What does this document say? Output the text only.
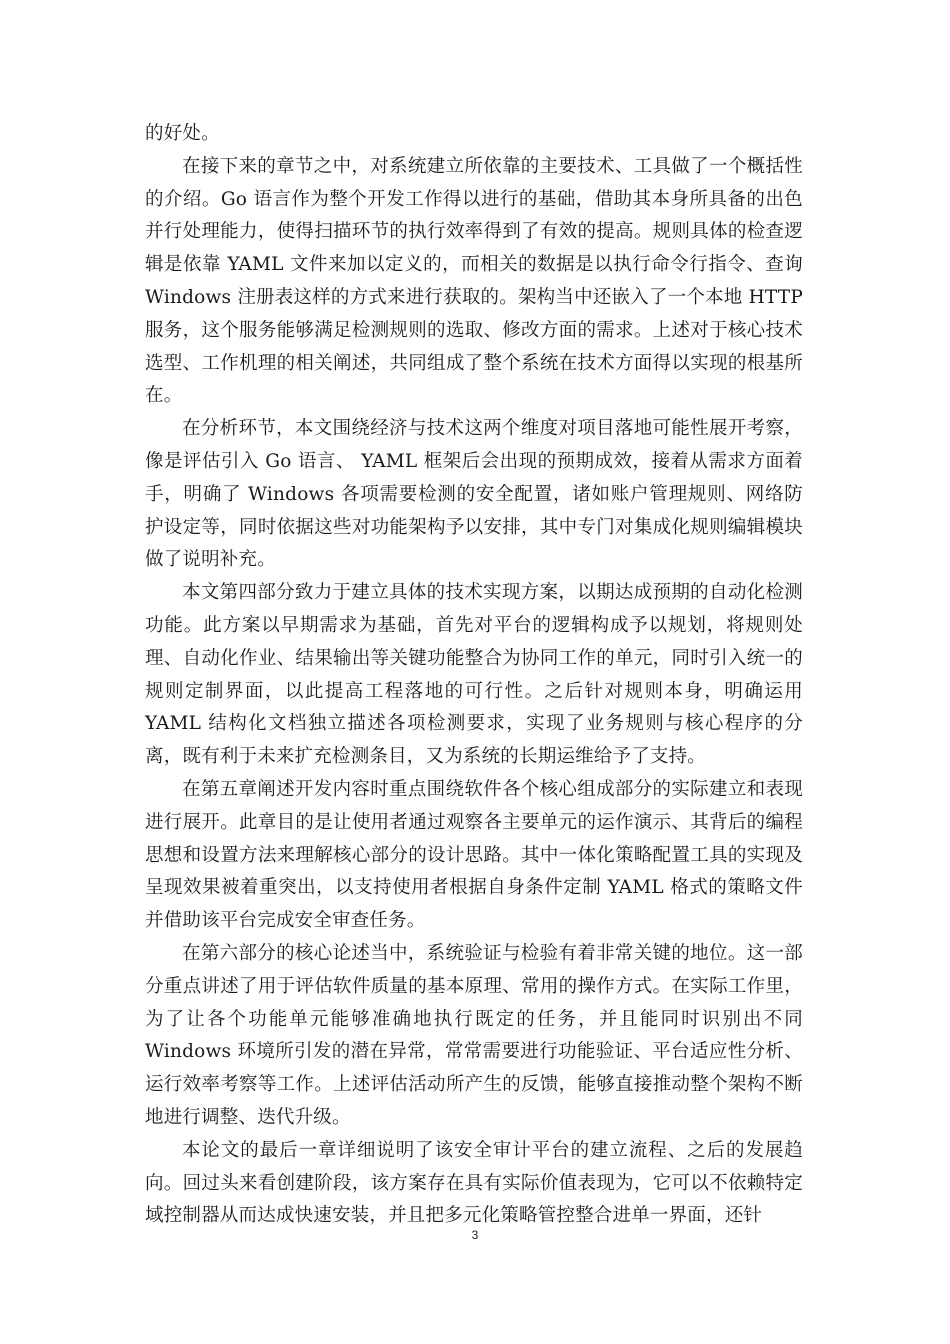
的好处。

在接下来的章节之中，对系统建立所依靠的主要技术、工具做了一个概括性的介绍。Go 语言作为整个开发工作得以进行的基础，借助其本身所具备的出色并行处理能力，使得扫描环节的执行效率得到了有效的提高。规则具体的检查逻辑是依靠 YAML 文件来加以定义的，而相关的数据是以执行命令行指令、查询 Windows 注册表这样的方式来进行获取的。架构当中还嵌入了一个本地 HTTP 服务，这个服务能够满足检测规则的选取、修改方面的需求。上述对于核心技术选型、工作机理的相关阐述，共同组成了整个系统在技术方面得以实现的根基所在。

在分析环节，本文围绕经济与技术这两个维度对项目落地可能性展开考察，像是评估引入 Go 语言、 YAML 框架后会出现的预期成效，接着从需求方面着手，明确了 Windows 各项需要检测的安全配置，诸如账户管理规则、网络防护设定等，同时依据这些对功能架构予以安排，其中专门对集成化规则编辑模块做了说明补充。

本文第四部分致力于建立具体的技术实现方案，以期达成预期的自动化检测功能。此方案以早期需求为基础，首先对平台的逻辑构成予以规划，将规则处理、自动化作业、结果输出等关键功能整合为协同工作的单元，同时引入统一的规则定制界面，以此提高工程落地的可行性。之后针对规则本身，明确运用 YAML 结构化文档独立描述各项检测要求，实现了业务规则与核心程序的分离，既有利于未来扩充检测条目，又为系统的长期运维给予了支持。

在第五章阐述开发内容时重点围绕软件各个核心组成部分的实际建立和表现进行展开。此章目的是让使用者通过观察各主要单元的运作演示、其背后的编程思想和设置方法来理解核心部分的设计思路。其中一体化策略配置工具的实现及呈现效果被着重突出，以支持使用者根据自身条件定制 YAML 格式的策略文件并借助该平台完成安全审查任务。

在第六部分的核心论述当中，系统验证与检验有着非常关键的地位。这一部分重点讲述了用于评估软件质量的基本原理、常用的操作方式。在实际工作里，为了让各个功能单元能够准确地执行既定的任务，并且能同时识别出不同 Windows 环境所引发的潜在异常，常常需要进行功能验证、平台适应性分析、运行效率考察等工作。上述评估活动所产生的反馈，能够直接推动整个架构不断地进行调整、迭代升级。

本论文的最后一章详细说明了该安全审计平台的建立流程、之后的发展趋向。回过头来看创建阶段，该方案存在具有实际价值表现为，它可以不依赖特定域控制器从而达成快速安装，并且把多元化策略管控整合进单一界面，还针

3
